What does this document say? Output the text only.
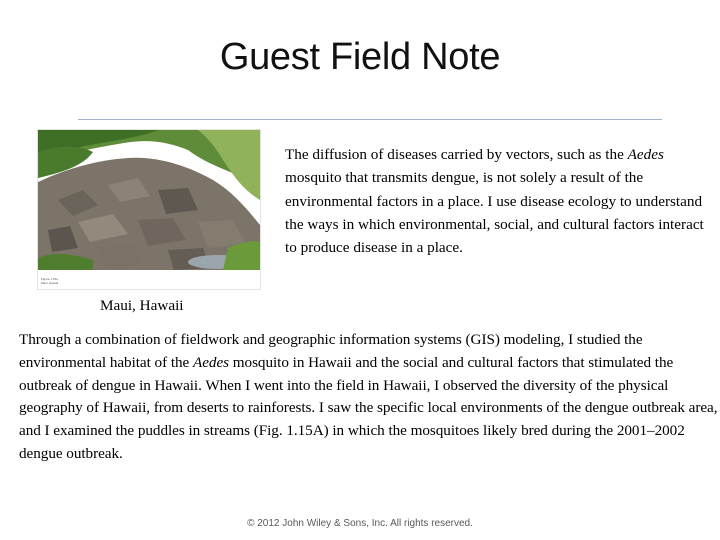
Guest Field Note
Figure 1.15a
Maui, Hawaii

The diffusion of diseases carried by vectors, such as the Aedes mosquito that transmits dengue, is not solely a result of the environmental factors in a place. I use disease ecology to understand the ways in which environmental, social, and cultural factors interact to produce disease in a place.

Maui, Hawaii

Through a combination of fieldwork and geographic information systems (GIS) modeling, I studied the environmental habitat of the Aedes mosquito in Hawaii and the social and cultural factors that stimulated the outbreak of dengue in Hawaii. When I went into the field in Hawaii, I observed the diversity of the physical geography of Hawaii, from deserts to rainforests. I saw the specific local environments of the dengue outbreak area, and I examined the puddles in streams (Fig. 1.15A) in which the mosquitoes likely bred during the 2001–2002 dengue outbreak.

© 2012 John Wiley & Sons, Inc. All rights reserved.
